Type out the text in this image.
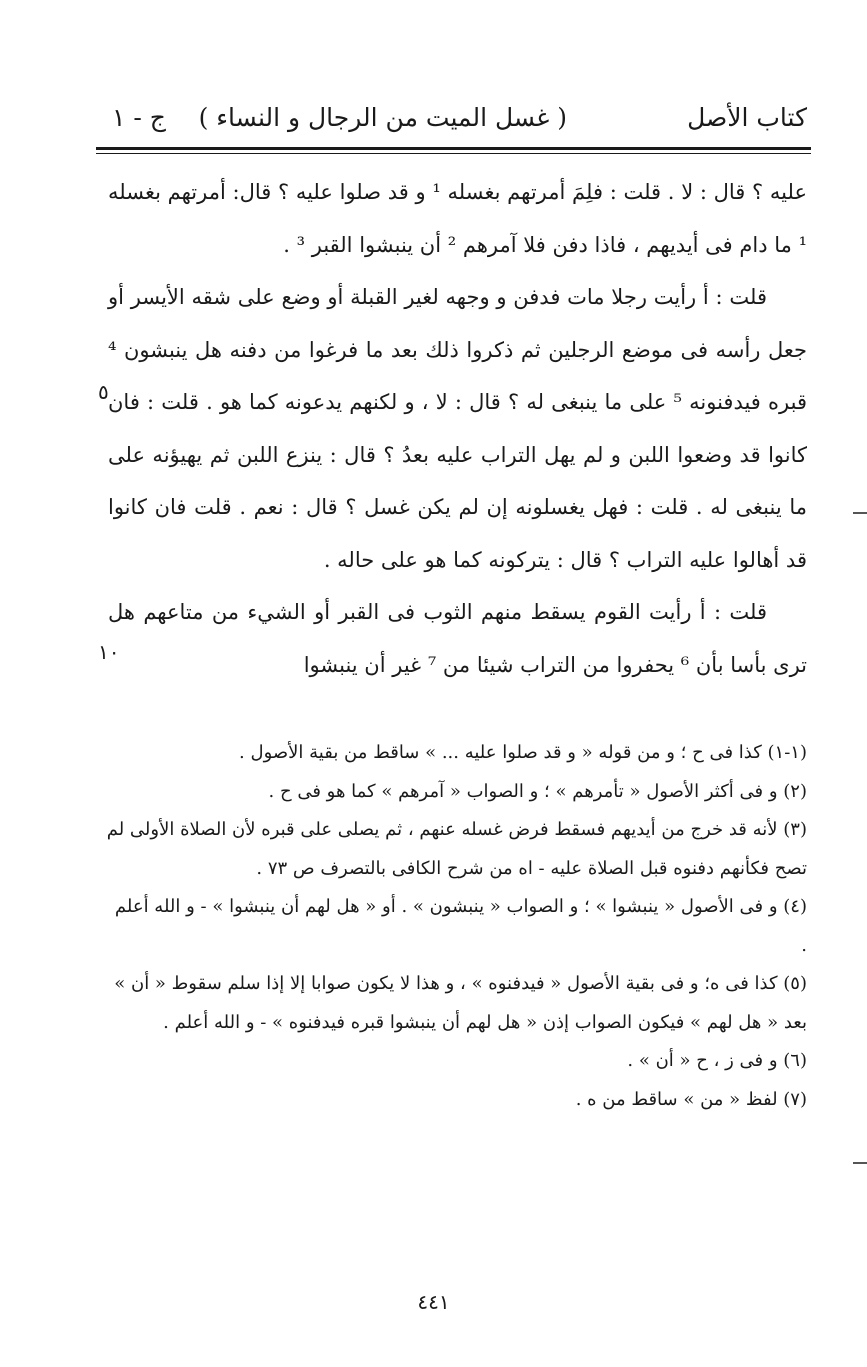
كتاب الأصل
( غسل الميت من الرجال و النساء )
ج - ١

عليه ؟ قال : لا . قلت : فلِمَ أمرتهم بغسله ¹ و قد صلوا عليه ؟ قال: أمرتهم بغسله ¹ ما دام فى أيديهم ، فاذا دفن فلا آمرهم ² أن ينبشوا القبر ³ .

قلت : أ رأيت رجلا مات فدفن و وجهه لغير القبلة أو وضع على شقه الأيسر أو جعل رأسه فى موضع الرجلين ثم ذكروا ذلك بعد ما فرغوا من دفنه هل ينبشون ⁴ قبره فيدفنونه ⁵ على ما ينبغى له ؟ قال : لا ، و لكنهم يدعونه كما هو . قلت : فان كانوا قد وضعوا اللبن و لم يهل التراب عليه بعدُ ؟ قال : ينزع اللبن ثم يهيؤنه على ما ينبغى له . قلت : فهل يغسلونه إن لم يكن غسل ؟ قال : نعم . قلت فان كانوا قد أهالوا عليه التراب ؟ قال : يتركونه كما هو على حاله .

قلت : أ رأيت القوم يسقط منهم الثوب فى القبر أو الشيء من متاعهم هل ترى بأسا بأن ⁶ يحفروا من التراب شيئا من ⁷ غير أن ينبشوا

٥
١٠

(١-١) كذا فى ح ؛ و من قوله « و قد صلوا عليه ... » ساقط من بقية الأصول .

(٢) و فى أكثر الأصول « تأمرهم » ؛ و الصواب « آمرهم » كما هو فى ح .

(٣) لأنه قد خرج من أيديهم فسقط فرض غسله عنهم ، ثم يصلى على قبره لأن الصلاة الأولى لم تصح فكأنهم دفنوه قبل الصلاة عليه - اه من شرح الكافى بالتصرف ص ٧٣ .

(٤) و فى الأصول « ينبشوا » ؛ و الصواب « ينبشون » . أو « هل لهم أن ينبشوا » - و الله أعلم .

(٥) كذا فى ه؛ و فى بقية الأصول « فيدفنوه » ، و هذا لا يكون صوابا إلا إذا سلم سقوط « أن » بعد « هل لهم » فيكون الصواب إذن « هل لهم أن ينبشوا قبره فيدفنوه » - و الله أعلم .

(٦) و فى ز ، ح « أن » .

(٧) لفظ « من » ساقط من ه .

٤٤١
